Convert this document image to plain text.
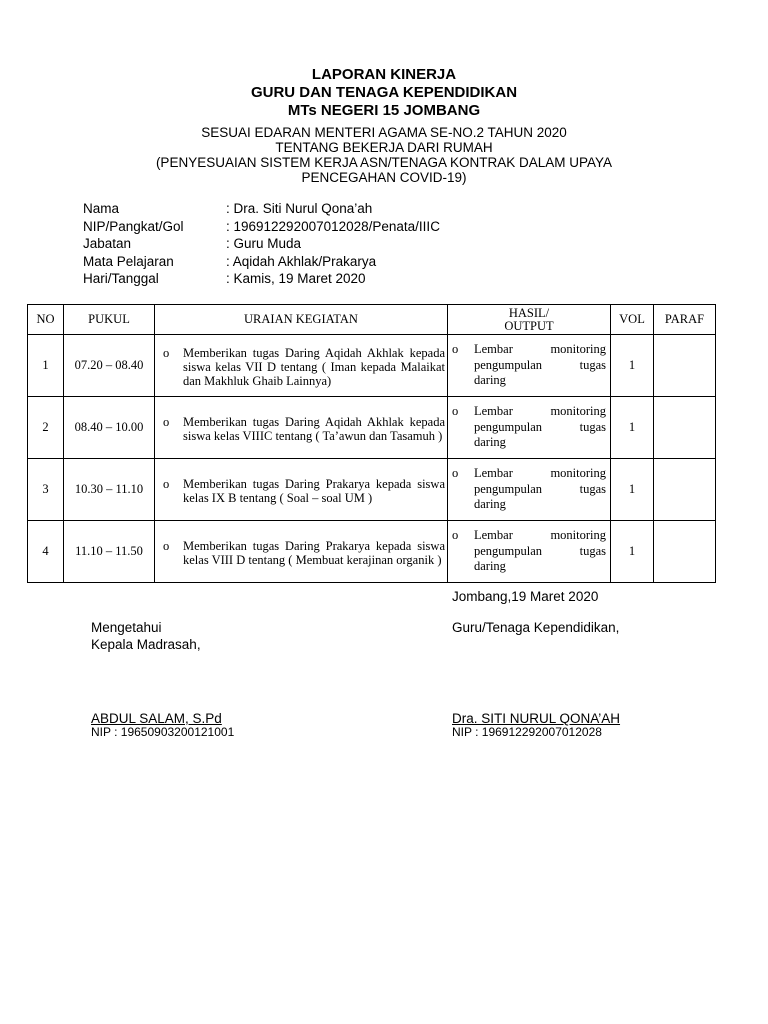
LAPORAN KINERJA
GURU DAN TENAGA KEPENDIDIKAN
MTs NEGERI 15 JOMBANG
SESUAI EDARAN MENTERI AGAMA SE-NO.2 TAHUN 2020
TENTANG BEKERJA DARI RUMAH
(PENYESUAIAN SISTEM KERJA ASN/TENAGA KONTRAK DALAM UPAYA
PENCEGAHAN COVID-19)
Nama	: Dra. Siti Nurul Qona’ah
NIP/Pangkat/Gol	: 196912292007012028/Penata/IIIC
Jabatan	: Guru Muda
Mata Pelajaran	: Aqidah Akhlak/Prakarya
Hari/Tanggal	: Kamis, 19 Maret 2020
NO	PUKUL	URAIAN KEGIATAN	HASIL/
OUTPUT	VOL	PARAF
1	07.20 – 08.40	o Memberikan tugas Daring Aqidah Akhlak kepada siswa kelas VII D tentang ( Iman kepada Malaikat dan Makhluk Ghaib Lainnya)	o Lembar monitoring pengumpulan tugas daring	1	
2	08.40 – 10.00	o Memberikan tugas Daring Aqidah Akhlak kepada siswa kelas VIIIC tentang ( Ta’awun dan Tasamuh )	o Lembar monitoring pengumpulan tugas daring	1	
3	10.30 – 11.10	o Memberikan tugas Daring Prakarya kepada siswa kelas IX B tentang ( Soal – soal UM )	o Lembar monitoring pengumpulan tugas daring	1	
4	11.10 – 11.50	o Memberikan tugas Daring Prakarya kepada siswa kelas VIII D tentang ( Membuat kerajinan organik )	o Lembar monitoring pengumpulan tugas daring	1	
Jombang,19 Maret 2020
Mengetahui
Kepala Madrasah,
Guru/Tenaga Kependidikan,
ABDUL SALAM, S.Pd
NIP : 19650903200121001
Dra. SITI NURUL QONA’AH
NIP : 196912292007012028
